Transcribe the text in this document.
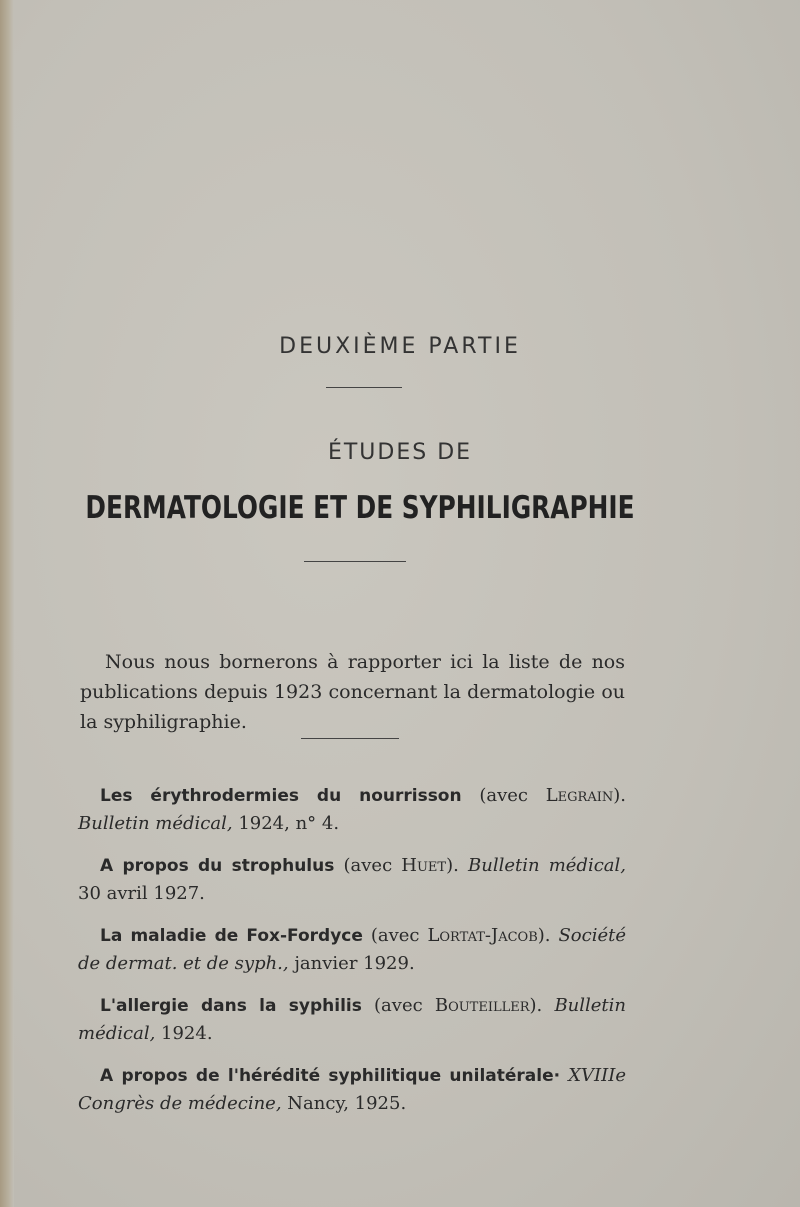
DEUXIÈME PARTIE
ÉTUDES DE
DERMATOLOGIE ET DE SYPHILIGRAPHIE

Nous nous bornerons à rapporter ici la liste de nos publications depuis 1923 concernant la dermatologie ou la syphiligraphie.

Les érythrodermies du nourrisson (avec Legrain). Bulletin médical, 1924, n° 4.

A propos du strophulus (avec Huet). Bulletin médical, 30 avril 1927.

La maladie de Fox-Fordyce (avec Lortat-Jacob). Société de dermat. et de syph., janvier 1929.

L'allergie dans la syphilis (avec Bouteiller). Bulletin médical, 1924.

A propos de l'hérédité syphilitique unilatérale· XVIIIe Congrès de médecine, Nancy, 1925.
